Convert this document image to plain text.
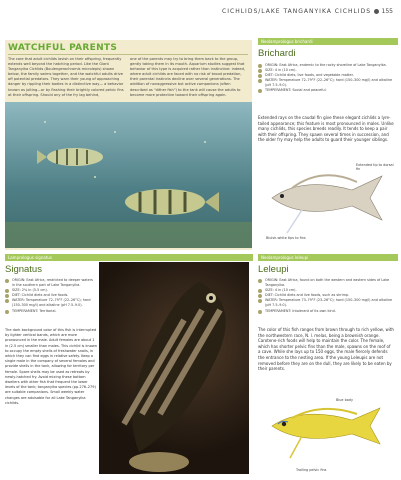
CICHLIDS/LAKE TANGANYIKA CICHLIDS 155
WATCHFUL PARENTS
The care that adult cichlids lavish on their offspring, frequently extends well beyond the hatching period. Like the Giant Tanganyika Cichlids (Boulengerochromis microlepis) shown below, the family swims together, and the watchful adults drive off potential predators. They warn their young of approaching danger by rippling their bodies in a distinctive way— a behavior known as jolting—or by flashing their brightly colored pelvic fins at their offspring. Should any of the fry lag behind,
one of the parents may try to bring them back to the group, gently taking them in its mouth. Aquarium studies suggest that behavior of this type is acquired rather than instinctive: indeed, where adult cichlids are faced with no risk of brood predation, their parental instincts decline over several generations. The addition of nonaggressive but active companions (often described as "dither fish") to the tank will cause the adults to become more protective toward their offspring again.
Neolamprologus brichardi
Brichardi
ORIGIN: East Africa, endemic to the rocky shoreline of Lake Tanganyika.
SIZE: 4 in (10 cm).
DIET: Cichlid diets, live foods, and vegetable matter.
WATER: Temperature 72–79°F (22–26°C); hard (150–300 mg/l) and alkaline (pH 7.5–9.0).
TEMPERAMENT: Social and peaceful.
Extended rays on the caudal fin give these elegant cichlids a lyre-tailed appearance; this feature is most pronounced in males. Unlike many cichlids, this species breeds readily. It tends to keep a pair with their offspring. They spawn several times in succession, and the older fry may help the adults to guard their younger siblings.
Extended tip to dorsal fin
Bluish-white tips to fins
Lamprologus signatus
Signatus
ORIGIN: East Africa, restricted to deeper waters in the southern part of Lake Tanganyika.
SIZE: 2¾ in (5.5 cm).
DIET: Cichlid diets and live foods.
WATER: Temperature 72–79°F (22–26°C); hard (150–300 mg/l) and alkaline (pH 7.5–9.0).
TEMPERAMENT: Territorial.
The dark background color of this fish is interrupted by lighter vertical bands, which are more pronounced in the male. Adult females are about 1 in (2.5 cm) smaller than males. This cichlid is known to occupy the empty shells of freshwater snails, in which they can find eggs in relative safety. Keep a single male in the company of several females and provide shells in the tank, allowing for territory per female. Spare shells may be used as retreats by newly-hatched fry. Avoid mixing these bottom dwellers with other fish that frequent the lower levels of the tank; tanganyika species (pp.276–279) are suitable companions. Small weekly water changes are advisable for all Lake Tanganyika cichlids.
Neolamprologus leleupi
Leleupi
ORIGIN: East Africa, found on both the western and eastern sides of Lake Tanganyika.
SIZE: 4 in (10 cm).
DIET: Cichlid diets and live foods, such as shrimp.
WATER: Temperature 73–79°F (23–26°C); hard (150–300 mg/l) and alkaline (pH 7.5–9.0).
TEMPERAMENT: Intolerant of its own kind.
The color of this fish ranges from brown through to rich yellow, with the northwestern race, N. l. melas, being a brownish orange. Carotene-rich foods will help to maintain the color. The female, which has shorter pelvic fins than the male, spawns on the roof of a cave. While she lays up to 150 eggs, the male fiercely defends the entrance to the nesting area. If the young Leleupis are not removed before they are on the dull, they are likely to be eaten by their parents.
Blue body
Trailing pelvic fins
